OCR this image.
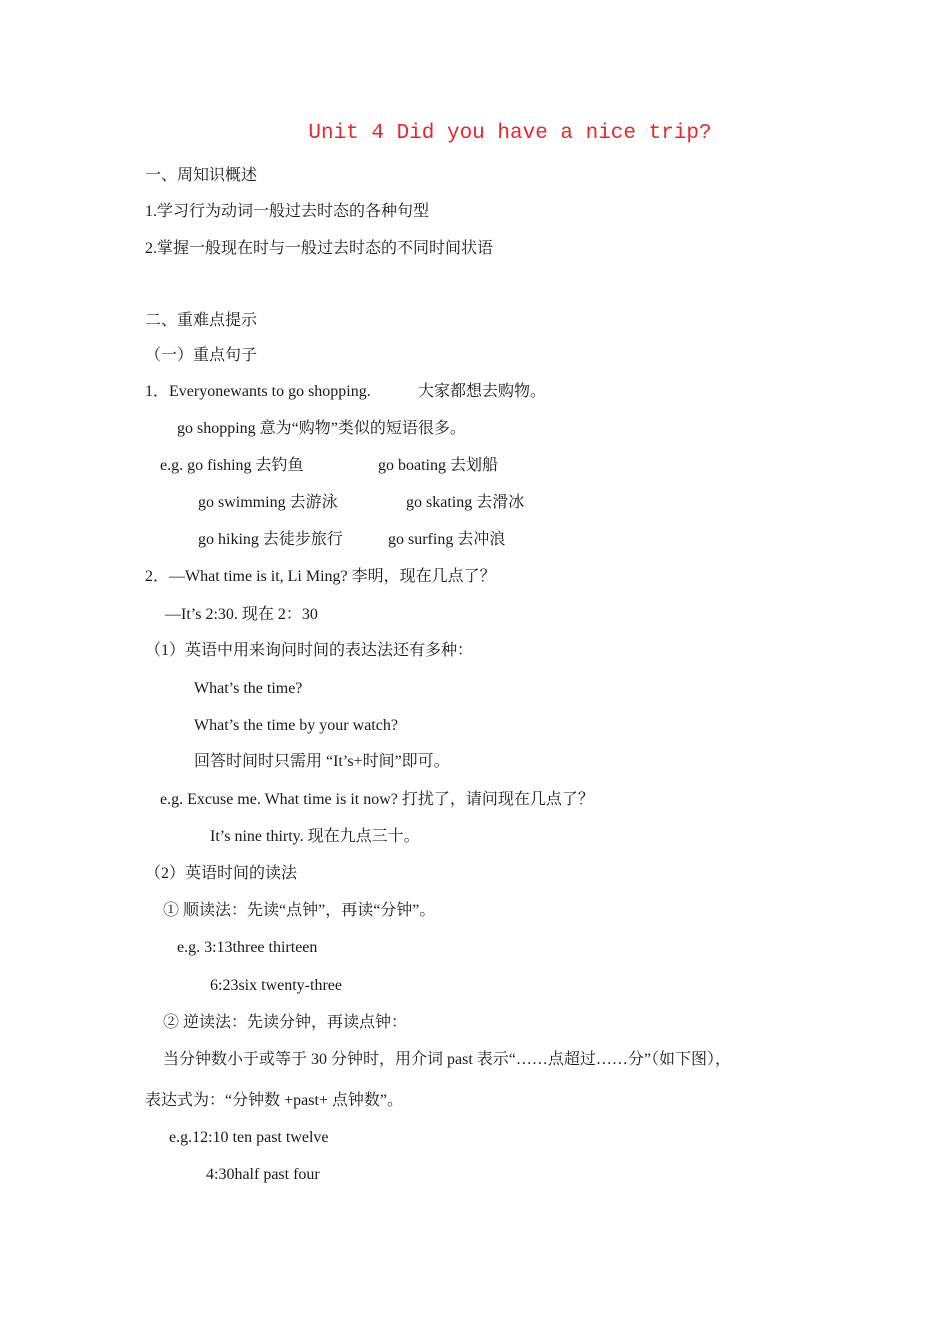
Unit 4 Did you have a nice trip?
一、周知识概述
1.学习行为动词一般过去时态的各种句型
2.掌握一般现在时与一般过去时态的不同时间状语
二、重难点提示
（一）重点句子
1．Everyonewants to go shopping.	大家都想去购物。
go shopping 意为“购物”类似的短语很多。
e.g. go fishing 去钓鱼	go boating 去划船
go swimming 去游泳	go skating 去滑冰
go hiking 去徒步旅行	go surfing 去冲浪
2．—What time is it, Li Ming? 李明，现在几点了？
—It’s 2:30. 现在 2：30
（1）英语中用来询问时间的表达法还有多种：
What’s the time?
What’s the time by your watch?
回答时间时只需用 “It’s+时间”即可。
e.g. Excuse me. What time is it now? 打扰了，请问现在几点了？
It’s nine thirty. 现在九点三十。
（2）英语时间的读法
① 顺读法：先读“点钟”，再读“分钟”。
e.g. 3:13three thirteen
6:23six twenty-three
② 逆读法：先读分钟，再读点钟：
当分钟数小于或等于 30 分钟时，用介词 past 表示“……点超过……分”（如下图），
表达式为：“分钟数 +past+ 点钟数”。
e.g.12:10 ten past twelve
4:30half past four
